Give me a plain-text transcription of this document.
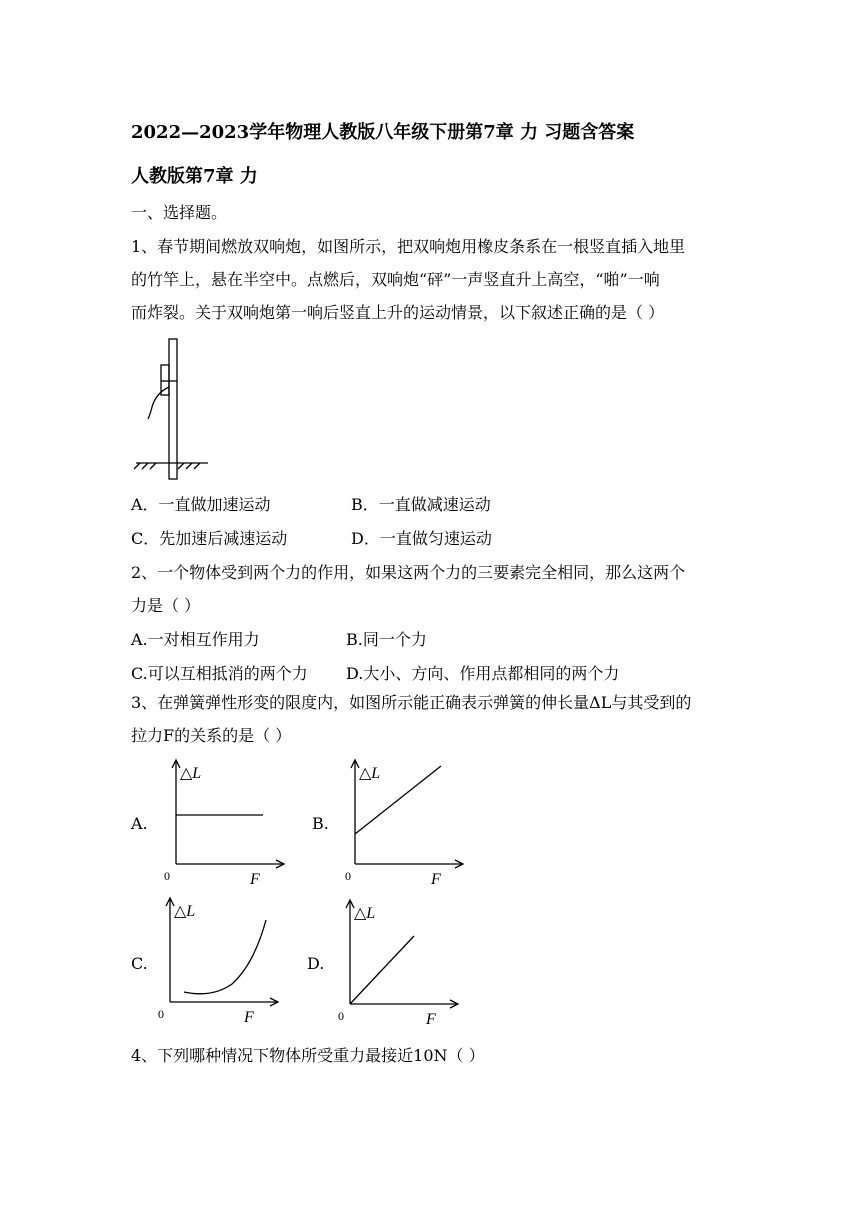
2022—2023学年物理人教版八年级下册第7章 力 习题含答案
人教版第7章 力
一、选择题。
1、春节期间燃放双响炮，如图所示，把双响炮用橡皮条系在一根竖直插入地里
的竹竿上，悬在半空中。点燃后，双响炮“砰”一声竖直升上高空，“啪”一响
而炸裂。关于双响炮第一响后竖直上升的运动情景，以下叙述正确的是（ ）
A．一直做加速运动	B．一直做减速运动
C．先加速后减速运动	D．一直做匀速运动
2、一个物体受到两个力的作用，如果这两个力的三要素完全相同，那么这两个
力是（ ）
A.一对相互作用力	B.同一个力
C.可以互相抵消的两个力 D.大小、方向、作用点都相同的两个力
3、在弹簧弹性形变的限度内，如图所示能正确表示弹簧的伸长量ΔL与其受到的
拉力F的关系的是（ ）
A.	B.
C.	D.
△L
F
0
△L
F
0
△L
F
0
△L
F
0
4、下列哪种情况下物体所受重力最接近10N（ ）
